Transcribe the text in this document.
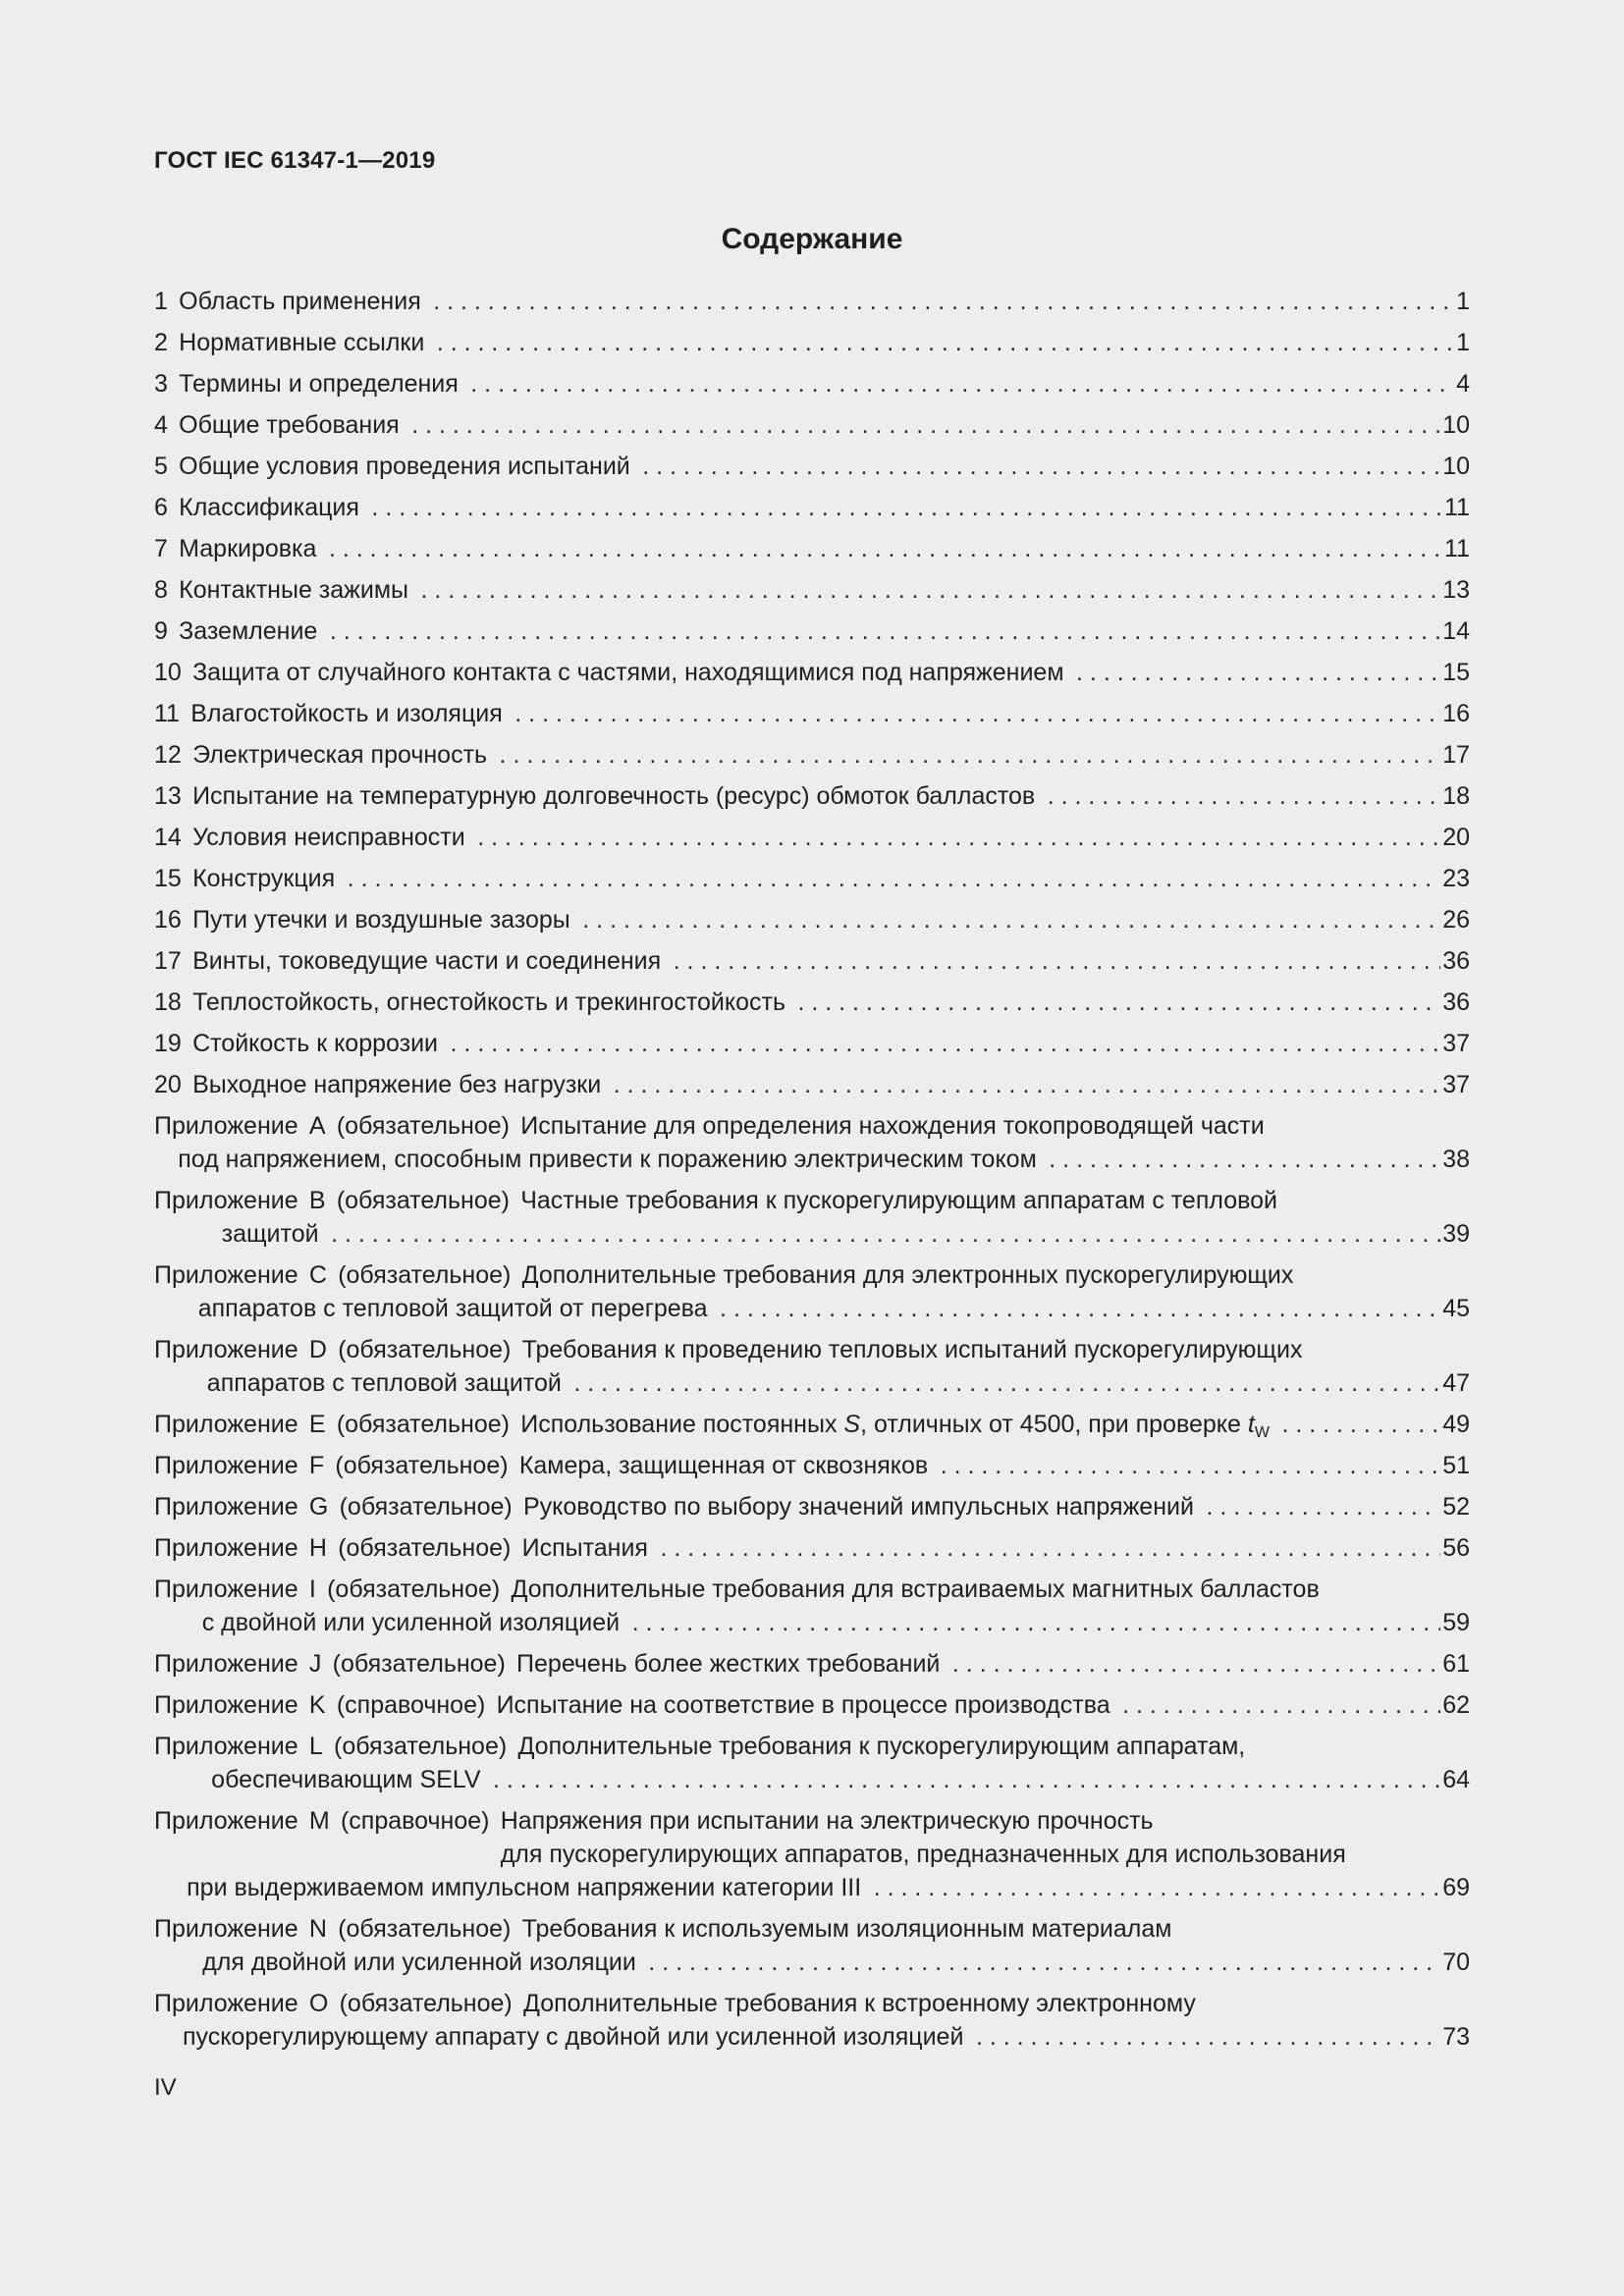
ГОСТ IEC 61347-1—2019
Содержание
1 Область применения . . .	1
2 Нормативные ссылки . . .	1
3 Термины и определения . . .	4
4 Общие требования . . .	10
5 Общие условия проведения испытаний . . .	10
6 Классификация . . .	11
7 Маркировка . . .	11
8 Контактные зажимы . . .	13
9 Заземление . . .	14
10 Защита от случайного контакта с частями, находящимися под напряжением . . .	15
11 Влагостойкость и изоляция . . .	16
12 Электрическая прочность . . .	17
13 Испытание на температурную долговечность (ресурс) обмоток балластов . . .	18
14 Условия неисправности . . .	20
15 Конструкция . . .	23
16 Пути утечки и воздушные зазоры . . .	26
17 Винты, токоведущие части и соединения . . .	36
18 Теплостойкость, огнестойкость и трекингостойкость . . .	36
19 Стойкость к коррозии . . .	37
20 Выходное напряжение без нагрузки . . .	37
Приложение A (обязательное) Испытание для определения нахождения токопроводящей части
под напряжением, способным привести к поражению электрическим током . . .	38
Приложение B (обязательное) Частные требования к пускорегулирующим аппаратам с тепловой
защитой . . .	39
Приложение C (обязательное) Дополнительные требования для электронных пускорегулирующих
аппаратов с тепловой защитой от перегрева . . .	45
Приложение D (обязательное) Требования к проведению тепловых испытаний пускорегулирующих
аппаратов с тепловой защитой . . .	47
Приложение E (обязательное) Использование постоянных S, отличных от 4500, при проверке $t_W$ . . .	49
Приложение F (обязательное) Камера, защищенная от сквозняков . . .	51
Приложение G (обязательное) Руководство по выбору значений импульсных напряжений . . .	52
Приложение H (обязательное) Испытания . . .	56
Приложение I (обязательное) Дополнительные требования для встраиваемых магнитных балластов
с двойной или усиленной изоляцией . . .	59
Приложение J (обязательное) Перечень более жестких требований . . .	61
Приложение K (справочное) Испытание на соответствие в процессе производства . . .	62
Приложение L (обязательное) Дополнительные требования к пускорегулирующим аппаратам,
обеспечивающим SELV . . .	64
Приложение M (справочное) Напряжения при испытании на электрическую прочность
для пускорегулирующих аппаратов, предназначенных для использования
при выдерживаемом импульсном напряжении категории III . . .	69
Приложение N (обязательное) Требования к используемым изоляционным материалам
для двойной или усиленной изоляции . . .	70
Приложение O (обязательное) Дополнительные требования к встроенному электронному
пускорегулирующему аппарату с двойной или усиленной изоляцией . . .	73
IV
